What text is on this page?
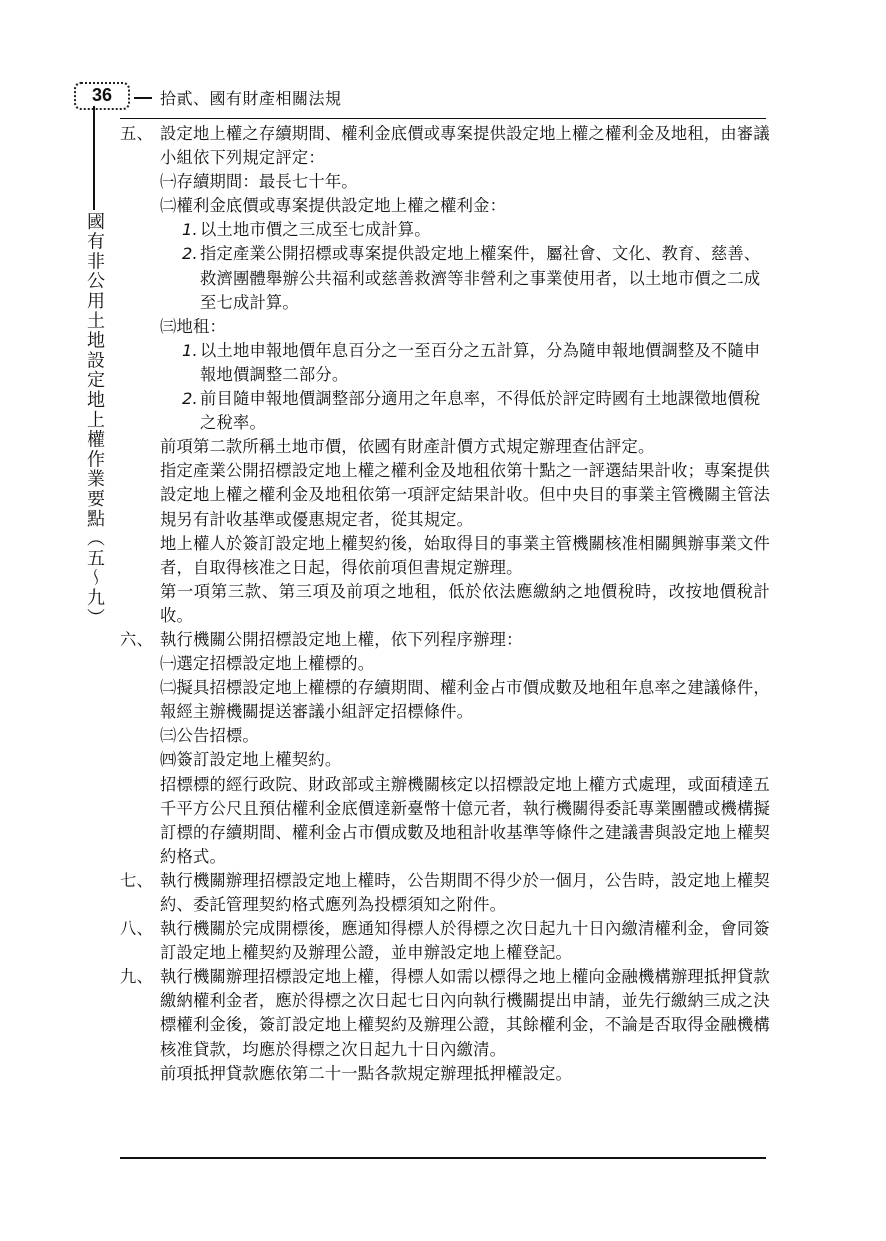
36	拾貳、國有財產相關法規
國有非公用土地設定地上權作業要點（五～九）
五、 設定地上權之存續期間、權利金底價或專案提供設定地上權之權利金及地租，由審議小組依下列規定評定：
㈠存續期間：最長七十年。
㈡權利金底價或專案提供設定地上權之權利金：
1. 以土地市價之三成至七成計算。
2. 指定產業公開招標或專案提供設定地上權案件，屬社會、文化、教育、慈善、救濟團體舉辦公共福利或慈善救濟等非營利之事業使用者，以土地市價之二成至七成計算。
㈢地租：
1. 以土地申報地價年息百分之一至百分之五計算，分為隨申報地價調整及不隨申報地價調整二部分。
2. 前目隨申報地價調整部分適用之年息率，不得低於評定時國有土地課徵地價稅之稅率。
前項第二款所稱土地市價，依國有財產計價方式規定辦理查估評定。
指定產業公開招標設定地上權之權利金及地租依第十點之一評選結果計收；專案提供設定地上權之權利金及地租依第一項評定結果計收。但中央目的事業主管機關主管法規另有計收基準或優惠規定者，從其規定。
地上權人於簽訂設定地上權契約後，始取得目的事業主管機關核准相關興辦事業文件者，自取得核准之日起，得依前項但書規定辦理。
第一項第三款、第三項及前項之地租，低於依法應繳納之地價稅時，改按地價稅計收。
六、 執行機關公開招標設定地上權，依下列程序辦理：
㈠選定招標設定地上權標的。
㈡擬具招標設定地上權標的存續期間、權利金占市價成數及地租年息率之建議條件，報經主辦機關提送審議小組評定招標條件。
㈢公告招標。
㈣簽訂設定地上權契約。
招標標的經行政院、財政部或主辦機關核定以招標設定地上權方式處理，或面積達五千平方公尺且預估權利金底價達新臺幣十億元者，執行機關得委託專業團體或機構擬訂標的存續期間、權利金占市價成數及地租計收基準等條件之建議書與設定地上權契約格式。
七、 執行機關辦理招標設定地上權時，公告期間不得少於一個月，公告時，設定地上權契約、委託管理契約格式應列為投標須知之附件。
八、 執行機關於完成開標後，應通知得標人於得標之次日起九十日內繳清權利金，會同簽訂設定地上權契約及辦理公證，並申辦設定地上權登記。
九、 執行機關辦理招標設定地上權，得標人如需以標得之地上權向金融機構辦理抵押貸款繳納權利金者，應於得標之次日起七日內向執行機關提出申請，並先行繳納三成之決標權利金後，簽訂設定地上權契約及辦理公證，其餘權利金，不論是否取得金融機構核准貸款，均應於得標之次日起九十日內繳清。
前項抵押貸款應依第二十一點各款規定辦理抵押權設定。
